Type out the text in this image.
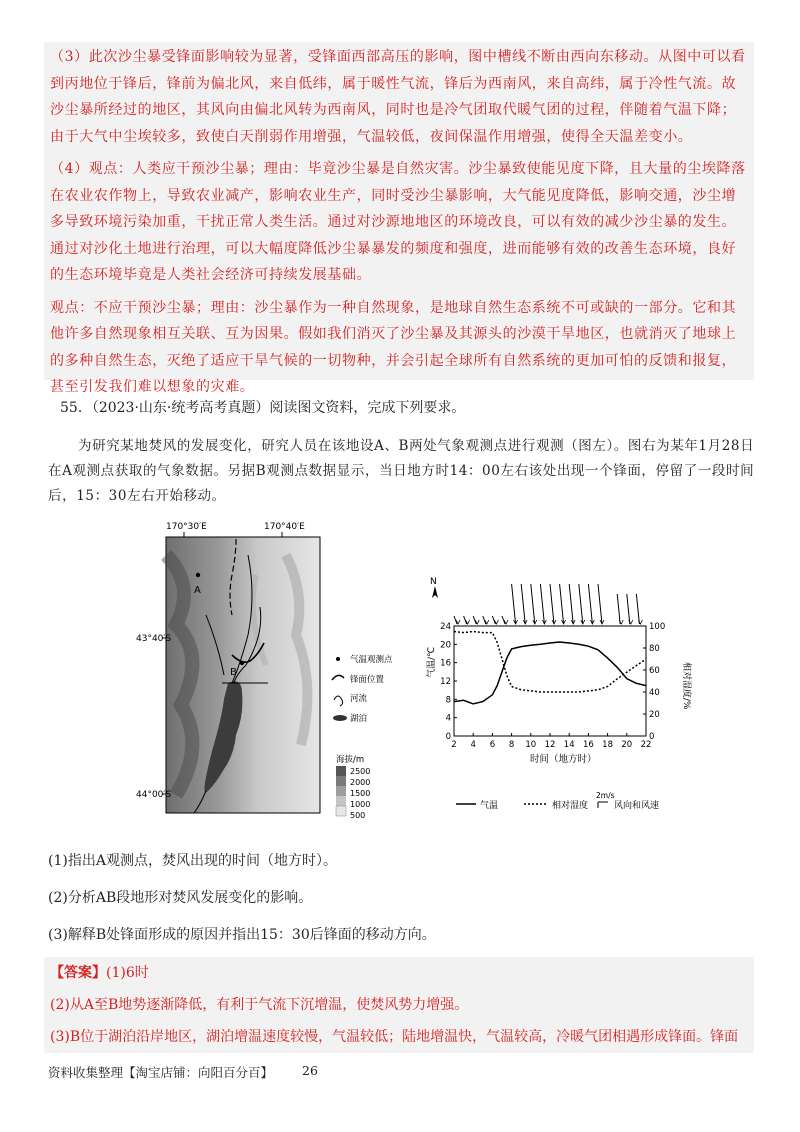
（3）此次沙尘暴受锋面影响较为显著，受锋面西部高压的影响，图中槽线不断由西向东移动。从图中可以看到丙地位于锋后，锋前为偏北风，来自低纬，属于暖性气流，锋后为西南风，来自高纬，属于冷性气流。故沙尘暴所经过的地区，其风向由偏北风转为西南风，同时也是冷气团取代暖气团的过程，伴随着气温下降；由于大气中尘埃较多，致使白天削弱作用增强，气温较低，夜间保温作用增强，使得全天温差变小。

（4）观点：人类应干预沙尘暴；理由：毕竟沙尘暴是自然灾害。沙尘暴致使能见度下降，且大量的尘埃降落在农业农作物上，导致农业减产，影响农业生产，同时受沙尘暴影响，大气能见度降低，影响交通，沙尘增多导致环境污染加重，干扰正常人类生活。通过对沙源地地区的环境改良，可以有效的减少沙尘暴的发生。 通过对沙化土地进行治理，可以大幅度降低沙尘暴暴发的频度和强度，进而能够有效的改善生态环境，良好的生态环境毕竟是人类社会经济可持续发展基础。

观点：不应干预沙尘暴；理由：沙尘暴作为一种自然现象，是地球自然生态系统不可或缺的一部分。它和其他许多自然现象相互关联、互为因果。假如我们消灭了沙尘暴及其源头的沙漠干旱地区，也就消灭了地球上的多种自然生态，灭绝了适应干旱气候的一切物种，并会引起全球所有自然系统的更加可怕的反馈和报复，甚至引发我们难以想象的灾难。

55．（2023·山东·统考高考真题）阅读图文资料，完成下列要求。
为研究某地焚风的发展变化，研究人员在该地设A、B两处气象观测点进行观测（图左）。图右为某年1月28日在A观测点获取的气象数据。另据B观测点数据显示，当日地方时14：00左右该处出现一个锋面，停留了一段时间后，15：30左右开始移动。
170°30′E	170°40′E
A
B
43°40′S
44°00′S
气温观测点
锋面位置
河流
湖泊
海拔/m
2500
2000
1500
1000
500
N
气温/℃	相对湿度/%
时间（地方时）
2 4 6 8 10 12 14 16 18 20 22
0
4
8
12
16
20
24
0
20
40
60
80
100
气温	相对湿度
2m/s
风向和风速
(1)指出A观测点，焚风出现的时间（地方时）。
(2)分析AB段地形对焚风发展变化的影响。
(3)解释B处锋面形成的原因并指出15：30后锋面的移动方向。
【答案】(1)6时
(2)从A至B地势逐渐降低，有利于气流下沉增温，使焚风势力增强。
(3)B位于湖泊沿岸地区，湖泊增温速度较慢，气温较低；陆地增温快，气温较高，冷暖气团相遇形成锋面。锋面
资料收集整理【淘宝店铺：向阳百分百】 26
